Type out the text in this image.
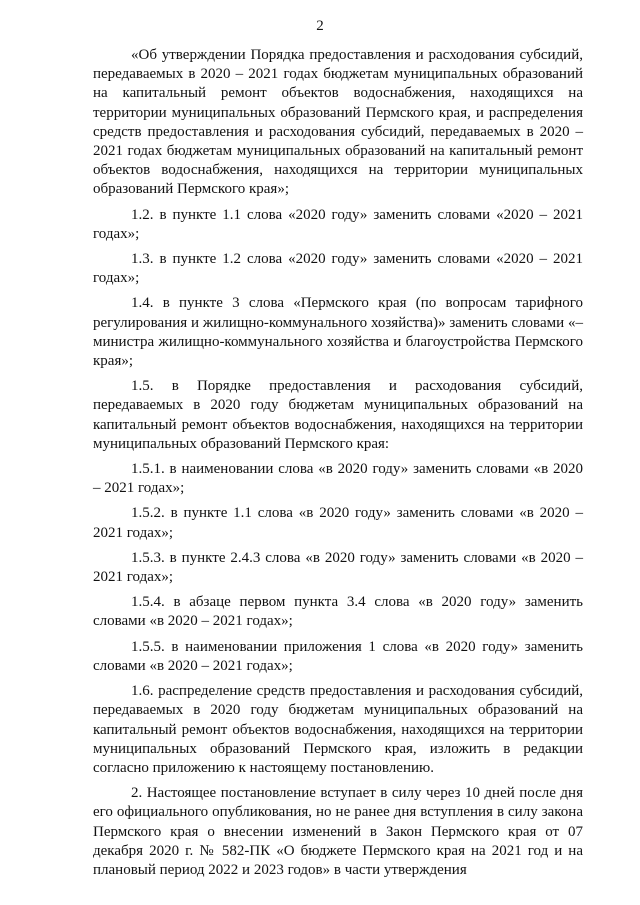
2

«Об утверждении Порядка предоставления и расходования субсидий, передаваемых в 2020 – 2021 годах бюджетам муниципальных образований на капитальный ремонт объектов водоснабжения, находящихся на территории муниципальных образований Пермского края, и распределения средств предоставления и расходования субсидий, передаваемых в 2020 – 2021 годах бюджетам муниципальных образований на капитальный ремонт объектов водоснабжения, находящихся на территории муниципальных образований Пермского края»;

1.2. в пункте 1.1 слова «2020 году» заменить словами «2020 – 2021 годах»;

1.3. в пункте 1.2 слова «2020 году» заменить словами «2020 – 2021 годах»;

1.4. в пункте 3 слова «Пермского края (по вопросам тарифного регулирования и жилищно-коммунального хозяйства)» заменить словами «– министра жилищно-коммунального хозяйства и благоустройства Пермского края»;

1.5. в Порядке предоставления и расходования субсидий, передаваемых в 2020 году бюджетам муниципальных образований на капитальный ремонт объектов водоснабжения, находящихся на территории муниципальных образований Пермского края:

1.5.1. в наименовании слова «в 2020 году» заменить словами «в 2020 – 2021 годах»;

1.5.2. в пункте 1.1 слова «в 2020 году» заменить словами «в 2020 – 2021 годах»;

1.5.3. в пункте 2.4.3 слова «в 2020 году» заменить словами «в 2020 – 2021 годах»;

1.5.4. в абзаце первом пункта 3.4 слова «в 2020 году» заменить словами «в 2020 – 2021 годах»;

1.5.5. в наименовании приложения 1 слова «в 2020 году» заменить словами «в 2020 – 2021 годах»;

1.6. распределение средств предоставления и расходования субсидий, передаваемых в 2020 году бюджетам муниципальных образований на капитальный ремонт объектов водоснабжения, находящихся на территории муниципальных образований Пермского края, изложить в редакции согласно приложению к настоящему постановлению.

2. Настоящее постановление вступает в силу через 10 дней после дня его официального опубликования, но не ранее дня вступления в силу закона Пермского края о внесении изменений в Закон Пермского края от 07 декабря 2020 г. № 582-ПК «О бюджете Пермского края на 2021 год и на плановый период 2022 и 2023 годов» в части утверждения
